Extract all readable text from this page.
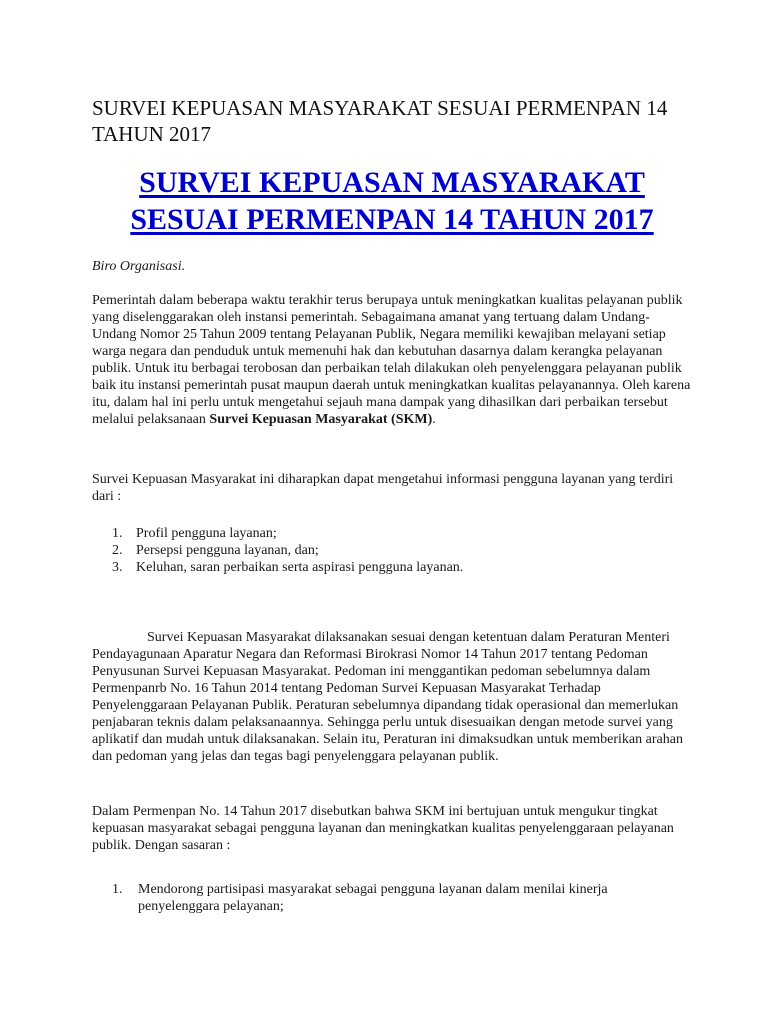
SURVEI KEPUASAN MASYARAKAT SESUAI PERMENPAN 14 TAHUN 2017
SURVEI KEPUASAN MASYARAKAT SESUAI PERMENPAN 14 TAHUN 2017

Biro Organisasi.

Pemerintah dalam beberapa waktu terakhir terus berupaya untuk meningkatkan kualitas pelayanan publik yang diselenggarakan oleh instansi pemerintah. Sebagaimana amanat yang tertuang dalam Undang-Undang Nomor 25 Tahun 2009 tentang Pelayanan Publik, Negara memiliki kewajiban melayani setiap warga negara dan penduduk untuk memenuhi hak dan kebutuhan dasarnya dalam kerangka pelayanan publik. Untuk itu berbagai terobosan dan perbaikan telah dilakukan oleh penyelenggara pelayanan publik baik itu instansi pemerintah pusat maupun daerah untuk meningkatkan kualitas pelayanannya. Oleh karena itu, dalam hal ini perlu untuk mengetahui sejauh mana dampak yang dihasilkan dari perbaikan tersebut melalui pelaksanaan Survei Kepuasan Masyarakat (SKM).

Survei Kepuasan Masyarakat ini diharapkan dapat mengetahui informasi pengguna layanan yang terdiri dari :

1. Profil pengguna layanan;
2. Persepsi pengguna layanan, dan;
3. Keluhan, saran perbaikan serta aspirasi pengguna layanan.

Survei Kepuasan Masyarakat dilaksanakan sesuai dengan ketentuan dalam Peraturan Menteri Pendayagunaan Aparatur Negara dan Reformasi Birokrasi Nomor 14 Tahun 2017 tentang Pedoman Penyusunan Survei Kepuasan Masyarakat. Pedoman ini menggantikan pedoman sebelumnya dalam Permenpanrb No. 16 Tahun 2014 tentang Pedoman Survei Kepuasan Masyarakat Terhadap Penyelenggaraan Pelayanan Publik. Peraturan sebelumnya dipandang tidak operasional dan memerlukan penjabaran teknis dalam pelaksanaannya. Sehingga perlu untuk disesuaikan dengan metode survei yang aplikatif dan mudah untuk dilaksanakan. Selain itu, Peraturan ini dimaksudkan untuk memberikan arahan dan pedoman yang jelas dan tegas bagi penyelenggara pelayanan publik.

Dalam Permenpan No. 14 Tahun 2017 disebutkan bahwa SKM ini bertujuan untuk mengukur tingkat kepuasan masyarakat sebagai pengguna layanan dan meningkatkan kualitas penyelenggaraan pelayanan publik. Dengan sasaran :

1. Mendorong partisipasi masyarakat sebagai pengguna layanan dalam menilai kinerja penyelenggara pelayanan;
